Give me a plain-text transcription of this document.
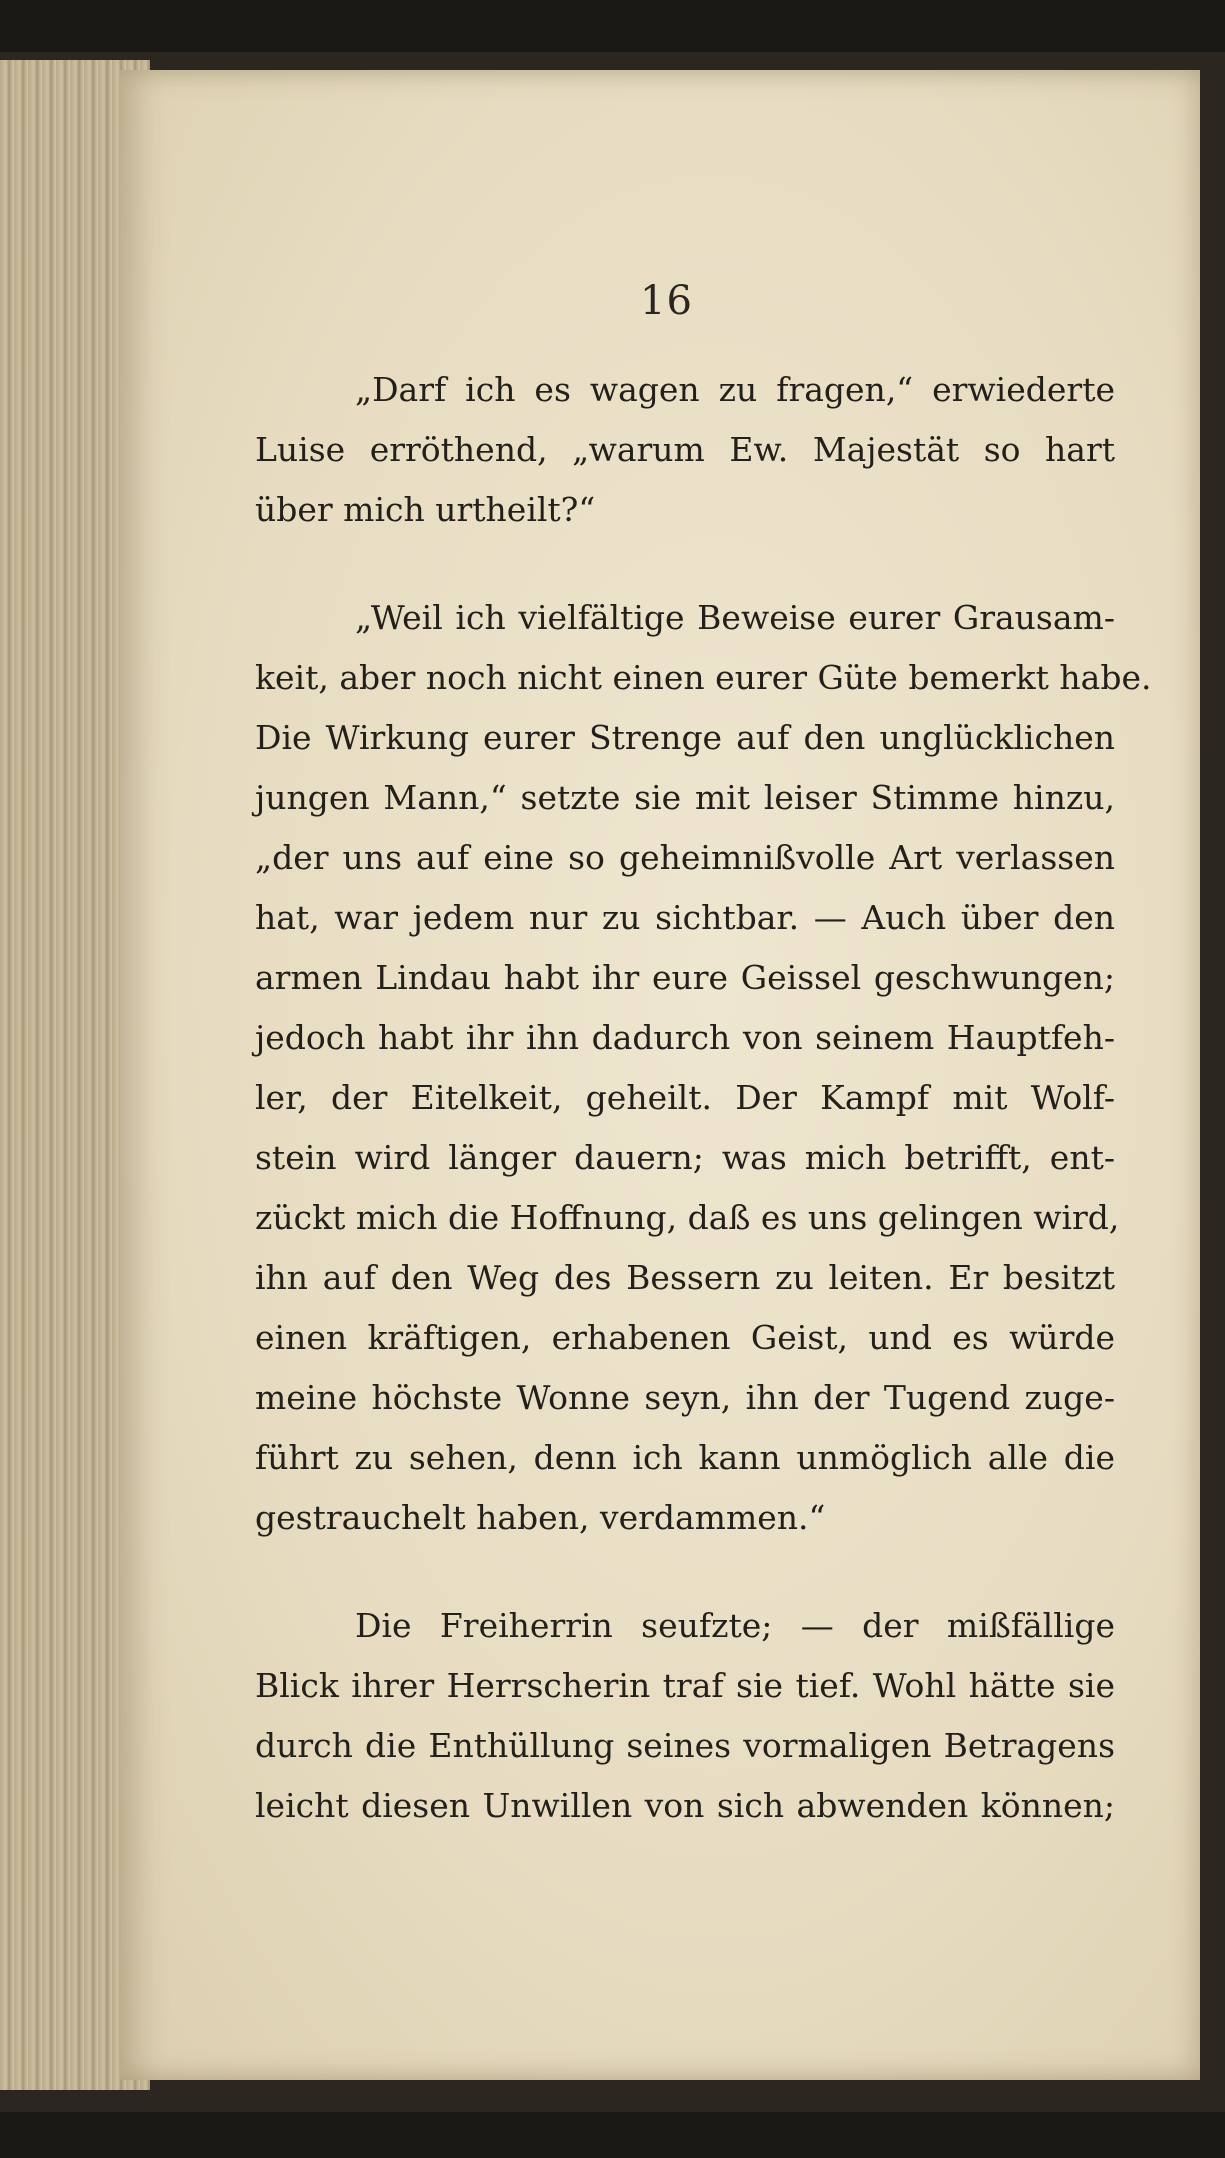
16
„Darf ich es wagen zu fragen,“ erwiederte
Luise erröthend, „warum Ew. Majestät so hart
über mich urtheilt?“
„Weil ich vielfältige Beweise eurer Grausam-
keit, aber noch nicht einen eurer Güte bemerkt habe.
Die Wirkung eurer Strenge auf den unglücklichen
jungen Mann,“ setzte sie mit leiser Stimme hinzu,
„der uns auf eine so geheimnißvolle Art verlassen
hat, war jedem nur zu sichtbar. — Auch über den
armen Lindau habt ihr eure Geissel geschwungen;
jedoch habt ihr ihn dadurch von seinem Hauptfeh-
ler, der Eitelkeit, geheilt. Der Kampf mit Wolf-
stein wird länger dauern; was mich betrifft, ent-
zückt mich die Hoffnung, daß es uns gelingen wird,
ihn auf den Weg des Bessern zu leiten. Er besitzt
einen kräftigen, erhabenen Geist, und es würde
meine höchste Wonne seyn, ihn der Tugend zuge-
führt zu sehen, denn ich kann unmöglich alle die
gestrauchelt haben, verdammen.“
Die Freiherrin seufzte; — der mißfällige
Blick ihrer Herrscherin traf sie tief. Wohl hätte sie
durch die Enthüllung seines vormaligen Betragens
leicht diesen Unwillen von sich abwenden können;
